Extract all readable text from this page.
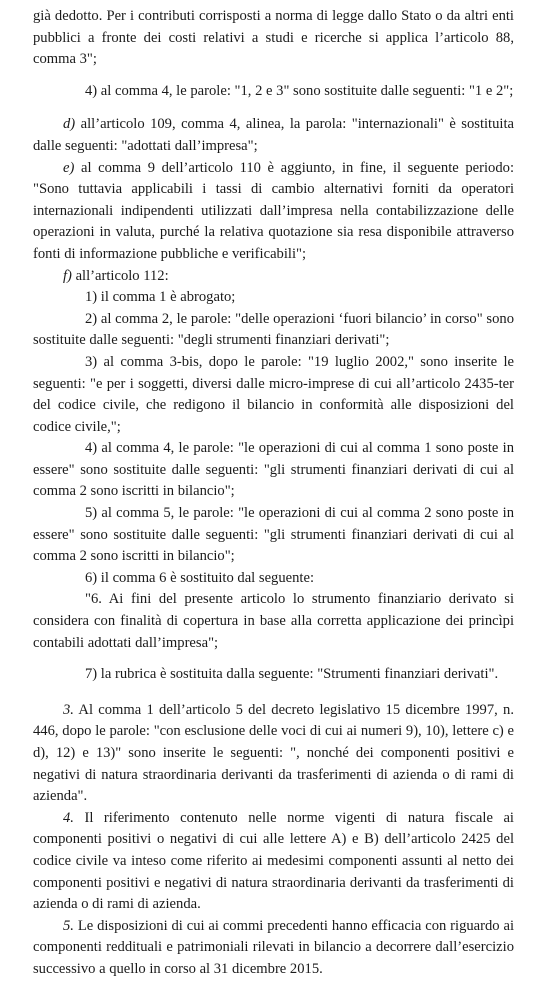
già dedotto. Per i contributi corrisposti a norma di legge dallo Stato o da altri enti pubblici a fronte dei costi relativi a studi e ricerche si applica l’articolo 88, comma 3";

4) al comma 4, le parole: "1, 2 e 3" sono sostituite dalle seguenti: "1 e 2";

d) all’articolo 109, comma 4, alinea, la parola: "internazionali" è sostituita dalle seguenti: "adottati dall’impresa";

e) al comma 9 dell’articolo 110 è aggiunto, in fine, il seguente periodo: "Sono tuttavia applicabili i tassi di cambio alternativi forniti da operatori internazionali indipendenti utilizzati dall’impresa nella contabilizzazione delle operazioni in valuta, purché la relativa quotazione sia resa disponibile attraverso fonti di informazione pubbliche e verificabili";

f) all’articolo 112:

1) il comma 1 è abrogato;

2) al comma 2, le parole: "delle operazioni ‘fuori bilancio’ in corso" sono sostituite dalle seguenti: "degli strumenti finanziari derivati";

3) al comma 3-bis, dopo le parole: "19 luglio 2002," sono inserite le seguenti: "e per i soggetti, diversi dalle micro-imprese di cui all’articolo 2435-ter del codice civile, che redigono il bilancio in conformità alle disposizioni del codice civile,";

4) al comma 4, le parole: "le operazioni di cui al comma 1 sono poste in essere" sono sostituite dalle seguenti: "gli strumenti finanziari derivati di cui al comma 2 sono iscritti in bilancio";

5) al comma 5, le parole: "le operazioni di cui al comma 2 sono poste in essere" sono sostituite dalle seguenti: "gli strumenti finanziari derivati di cui al comma 2 sono iscritti in bilancio";

6) il comma 6 è sostituito dal seguente:

"6. Ai fini del presente articolo lo strumento finanziario derivato si considera con finalità di copertura in base alla corretta applicazione dei princìpi contabili adottati dall’impresa";

7) la rubrica è sostituita dalla seguente: "Strumenti finanziari derivati".

3. Al comma 1 dell’articolo 5 del decreto legislativo 15 dicembre 1997, n. 446, dopo le parole: "con esclusione delle voci di cui ai numeri 9), 10), lettere c) e d), 12) e 13)" sono inserite le seguenti: ", nonché dei componenti positivi e negativi di natura straordinaria derivanti da trasferimenti di azienda o di rami di azienda".

4. Il riferimento contenuto nelle norme vigenti di natura fiscale ai componenti positivi o negativi di cui alle lettere A) e B) dell’articolo 2425 del codice civile va inteso come riferito ai medesimi componenti assunti al netto dei componenti positivi e negativi di natura straordinaria derivanti da trasferimenti di azienda o di rami di azienda.

5. Le disposizioni di cui ai commi precedenti hanno efficacia con riguardo ai componenti reddituali e patrimoniali rilevati in bilancio a decorrere dall’esercizio successivo a quello in corso al 31 dicembre 2015.
